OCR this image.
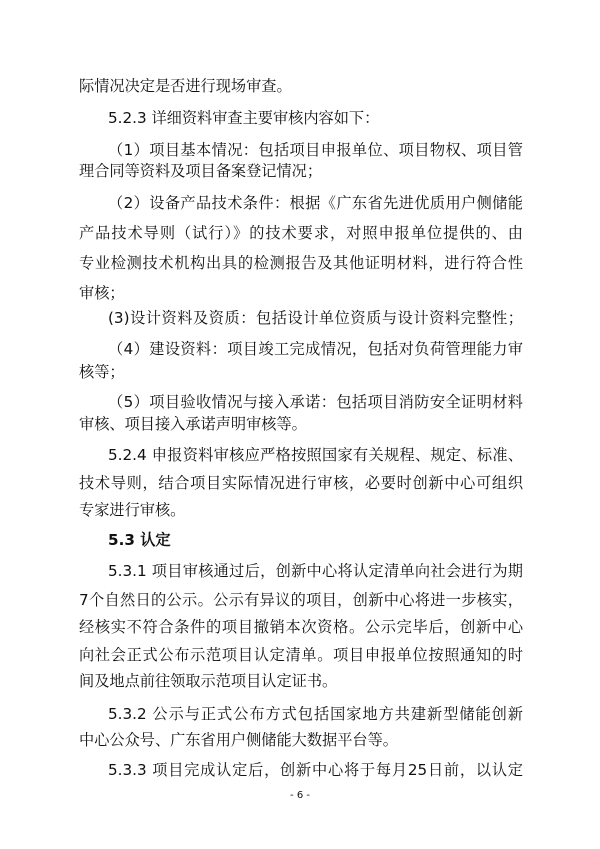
际情况决定是否进行现场审查。
5.2.3 详细资料审查主要审核内容如下：
（1）项目基本情况：包括项目申报单位、项目物权、项目管
理合同等资料及项目备案登记情况；
（2）设备产品技术条件：根据《广东省先进优质用户侧储能
产品技术导则（试行）》的技术要求，对照申报单位提供的、由
专业检测技术机构出具的检测报告及其他证明材料，进行符合性
审核；
(3)设计资料及资质：包括设计单位资质与设计资料完整性；
（4）建设资料：项目竣工完成情况，包括对负荷管理能力审
核等；
（5）项目验收情况与接入承诺：包括项目消防安全证明材料
审核、项目接入承诺声明审核等。
5.2.4 申报资料审核应严格按照国家有关规程、规定、标准、
技术导则，结合项目实际情况进行审核，必要时创新中心可组织
专家进行审核。
5.3 认定
5.3.1 项目审核通过后，创新中心将认定清单向社会进行为期
7个自然日的公示。公示有异议的项目，创新中心将进一步核实，
经核实不符合条件的项目撤销本次资格。公示完毕后，创新中心
向社会正式公布示范项目认定清单。项目申报单位按照通知的时
间及地点前往领取示范项目认定证书。
5.3.2 公示与正式公布方式包括国家地方共建新型储能创新
中心公众号、广东省用户侧储能大数据平台等。
5.3.3 项目完成认定后，创新中心将于每月25日前，以认定
- 6 -
